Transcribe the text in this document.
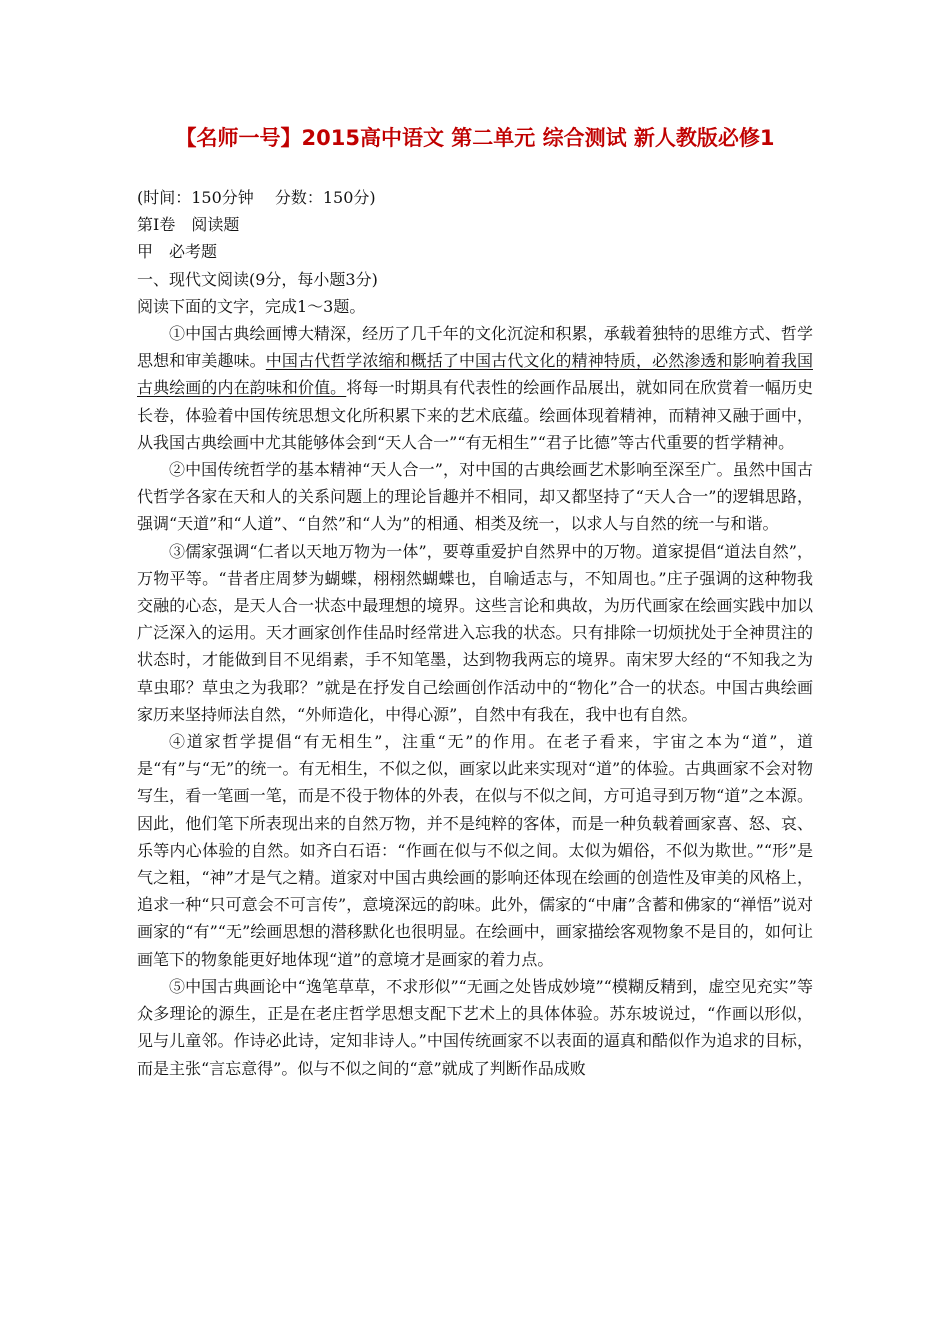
【名师一号】2015高中语文 第二单元 综合测试 新人教版必修1

(时间：150分钟　 分数：150分)

第Ⅰ卷　阅读题

甲　必考题

一、现代文阅读(9分，每小题3分)

阅读下面的文字，完成1～3题。

①中国古典绘画博大精深，经历了几千年的文化沉淀和积累，承载着独特的思维方式、哲学思想和审美趣味。中国古代哲学浓缩和概括了中国古代文化的精神特质，必然渗透和影响着我国古典绘画的内在韵味和价值。将每一时期具有代表性的绘画作品展出，就如同在欣赏着一幅历史长卷，体验着中国传统思想文化所积累下来的艺术底蕴。绘画体现着精神，而精神又融于画中，从我国古典绘画中尤其能够体会到“天人合一”“有无相生”“君子比德”等古代重要的哲学精神。

②中国传统哲学的基本精神“天人合一”，对中国的古典绘画艺术影响至深至广。虽然中国古代哲学各家在天和人的关系问题上的理论旨趣并不相同，却又都坚持了“天人合一”的逻辑思路，强调“天道”和“人道”、“自然”和“人为”的相通、相类及统一，以求人与自然的统一与和谐。

③儒家强调“仁者以天地万物为一体”，要尊重爱护自然界中的万物。道家提倡“道法自然”，万物平等。“昔者庄周梦为蝴蝶，栩栩然蝴蝶也，自喻适志与，不知周也。”庄子强调的这种物我交融的心态，是天人合一状态中最理想的境界。这些言论和典故，为历代画家在绘画实践中加以广泛深入的运用。天才画家创作佳品时经常进入忘我的状态。只有排除一切烦扰处于全神贯注的状态时，才能做到目不见绢素，手不知笔墨，达到物我两忘的境界。南宋罗大经的“不知我之为草虫耶？草虫之为我耶？”就是在抒发自己绘画创作活动中的“物化”合一的状态。中国古典绘画家历来坚持师法自然，“外师造化，中得心源”，自然中有我在，我中也有自然。

④道家哲学提倡“有无相生”，注重“无”的作用。在老子看来，宇宙之本为“道”，道是“有”与“无”的统一。有无相生，不似之似，画家以此来实现对“道”的体验。古典画家不会对物写生，看一笔画一笔，而是不役于物体的外表，在似与不似之间，方可追寻到万物“道”之本源。因此，他们笔下所表现出来的自然万物，并不是纯粹的客体，而是一种负载着画家喜、怒、哀、乐等内心体验的自然。如齐白石语：“作画在似与不似之间。太似为媚俗，不似为欺世。”“形”是气之粗，“神”才是气之精。道家对中国古典绘画的影响还体现在绘画的创造性及审美的风格上，追求一种“只可意会不可言传”，意境深远的韵味。此外，儒家的“中庸”含蓄和佛家的“禅悟”说对画家的“有”“无”绘画思想的潜移默化也很明显。在绘画中，画家描绘客观物象不是目的，如何让画笔下的物象能更好地体现“道”的意境才是画家的着力点。

⑤中国古典画论中“逸笔草草，不求形似”“无画之处皆成妙境”“模糊反精到，虚空见充实”等众多理论的源生，正是在老庄哲学思想支配下艺术上的具体体验。苏东坡说过，“作画以形似，见与儿童邻。作诗必此诗，定知非诗人。”中国传统画家不以表面的逼真和酷似作为追求的目标，而是主张“言忘意得”。似与不似之间的“意”就成了判断作品成败
